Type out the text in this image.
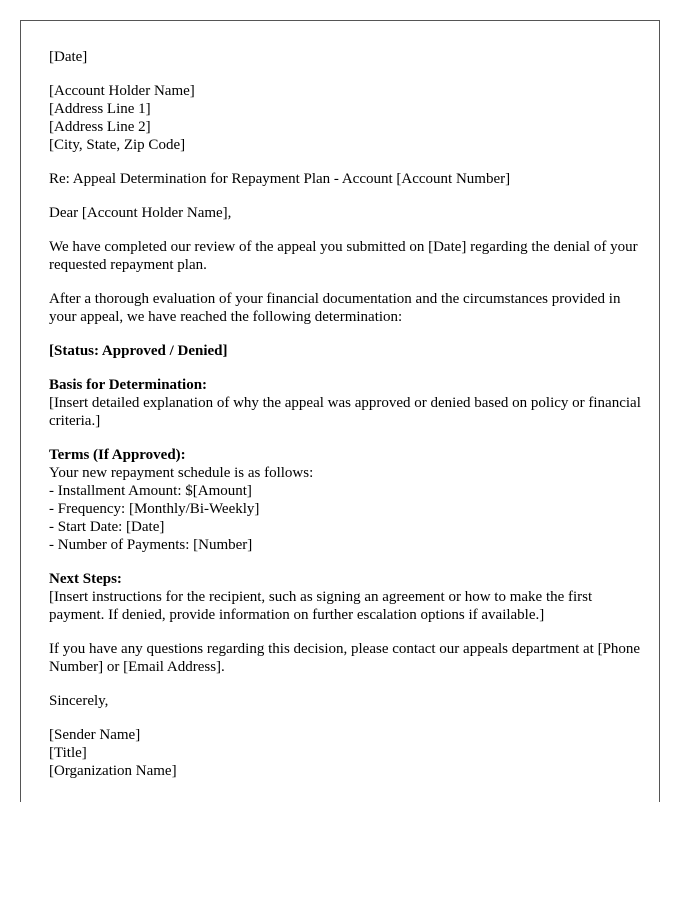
[Date]
[Account Holder Name]
[Address Line 1]
[Address Line 2]
[City, State, Zip Code]
Re: Appeal Determination for Repayment Plan - Account [Account Number]
Dear [Account Holder Name],
We have completed our review of the appeal you submitted on [Date] regarding the denial of your requested repayment plan.
After a thorough evaluation of your financial documentation and the circumstances provided in your appeal, we have reached the following determination:
[Status: Approved / Denied]
Basis for Determination:
[Insert detailed explanation of why the appeal was approved or denied based on policy or financial criteria.]
Terms (If Approved):
Your new repayment schedule is as follows:
- Installment Amount: $[Amount]
- Frequency: [Monthly/Bi-Weekly]
- Start Date: [Date]
- Number of Payments: [Number]
Next Steps:
[Insert instructions for the recipient, such as signing an agreement or how to make the first payment. If denied, provide information on further escalation options if available.]
If you have any questions regarding this decision, please contact our appeals department at [Phone Number] or [Email Address].
Sincerely,
[Sender Name]
[Title]
[Organization Name]
